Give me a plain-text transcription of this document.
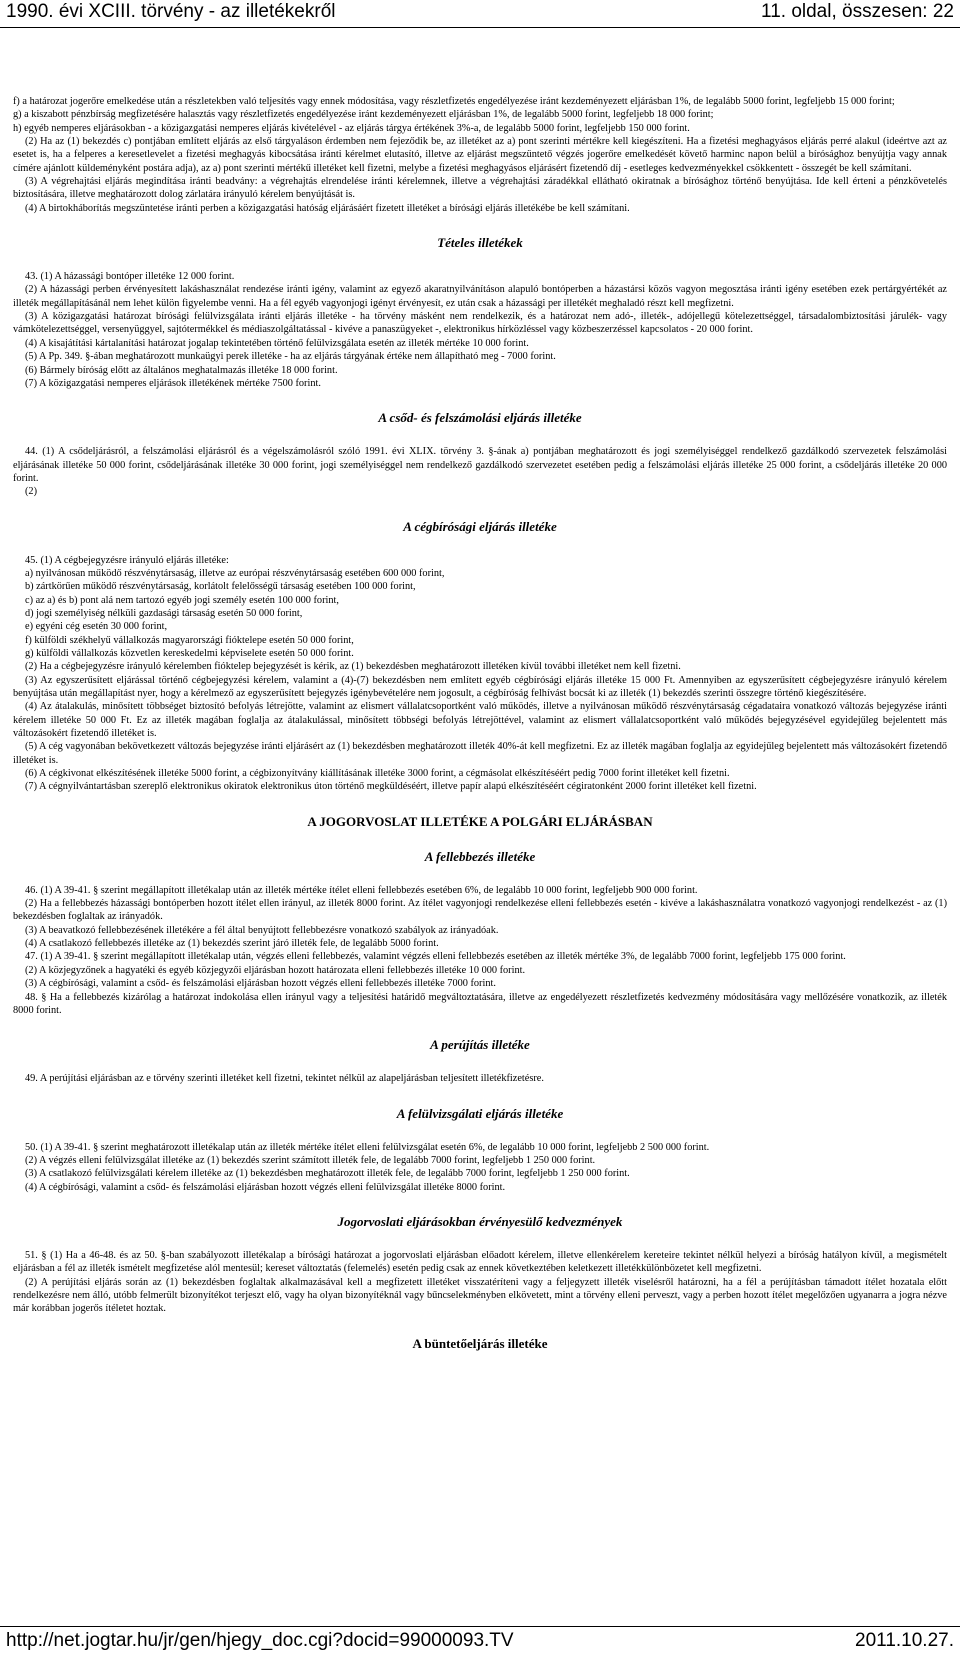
1990. évi XCIII. törvény - az illetékekről	11. oldal, összesen: 22

f) a határozat jogerőre emelkedése után a részletekben való teljesítés vagy ennek módosítása, vagy részletfizetés engedélyezése iránt kezdeményezett eljárásban 1%, de legalább 5000 forint, legfeljebb 15 000 forint;

g) a kiszabott pénzbírság megfizetésére halasztás vagy részletfizetés engedélyezése iránt kezdeményezett eljárásban 1%, de legalább 5000 forint, legfeljebb 18 000 forint;

h) egyéb nemperes eljárásokban - a közigazgatási nemperes eljárás kivételével - az eljárás tárgya értékének 3%-a, de legalább 5000 forint, legfeljebb 150 000 forint.

(2) Ha az (1) bekezdés c) pontjában említett eljárás az első tárgyaláson érdemben nem fejeződik be, az illetéket az a) pont szerinti mértékre kell kiegészíteni. Ha a fizetési meghagyásos eljárás perré alakul (ideértve azt az esetet is, ha a felperes a keresetlevelet a fizetési meghagyás kibocsátása iránti kérelmet elutasító, illetve az eljárást megszüntető végzés jogerőre emelkedését követő harminc napon belül a bírósághoz benyújtja vagy annak címére ajánlott küldeményként postára adja), az a) pont szerinti mértékű illetéket kell fizetni, melybe a fizetési meghagyásos eljárásért fizetendő díj - esetleges kedvezményekkel csökkentett - összegét be kell számítani.

(3) A végrehajtási eljárás megindítása iránti beadvány: a végrehajtás elrendelése iránti kérelemnek, illetve a végrehajtási záradékkal ellátható okiratnak a bírósághoz történő benyújtása. Ide kell érteni a pénzkövetelés biztosítására, illetve meghatározott dolog zárlatára irányuló kérelem benyújtását is.

(4) A birtokháborítás megszüntetése iránti perben a közigazgatási hatóság eljárásáért fizetett illetéket a bírósági eljárás illetékébe be kell számítani.

Tételes illetékek

43. (1) A házassági bontóper illetéke 12 000 forint.

(2) A házassági perben érvényesített lakáshasználat rendezése iránti igény, valamint az egyező akaratnyilvánításon alapuló bontóperben a házastársi közös vagyon megosztása iránti igény esetében ezek pertárgyértékét az illeték megállapításánál nem lehet külön figyelembe venni. Ha a fél egyéb vagyonjogi igényt érvényesít, ez után csak a házassági per illetékét meghaladó részt kell megfizetni.

(3) A közigazgatási határozat bírósági felülvizsgálata iránti eljárás illetéke - ha törvény másként nem rendelkezik, és a határozat nem adó-, illeték-, adójellegű kötelezettséggel, társadalombiztosítási járulék- vagy vámkötelezettséggel, versenyüggyel, sajtótermékkel és médiaszolgáltatással - kivéve a panaszügyeket -, elektronikus hírközléssel vagy közbeszerzéssel kapcsolatos - 20 000 forint.

(4) A kisajátítási kártalanítási határozat jogalap tekintetében történő felülvizsgálata esetén az illeték mértéke 10 000 forint.

(5) A Pp. 349. §-ában meghatározott munkaügyi perek illetéke - ha az eljárás tárgyának értéke nem állapítható meg - 7000 forint.

(6) Bármely bíróság előtt az általános meghatalmazás illetéke 18 000 forint.

(7) A közigazgatási nemperes eljárások illetékének mértéke 7500 forint.

A csőd- és felszámolási eljárás illetéke

44. (1) A csődeljárásról, a felszámolási eljárásról és a végelszámolásról szóló 1991. évi XLIX. törvény 3. §-ának a) pontjában meghatározott és jogi személyiséggel rendelkező gazdálkodó szervezetek felszámolási eljárásának illetéke 50 000 forint, csődeljárásának illetéke 30 000 forint, jogi személyiséggel nem rendelkező gazdálkodó szervezetet esetében pedig a felszámolási eljárás illetéke 25 000 forint, a csődeljárás illetéke 20 000 forint.

(2)

A cégbírósági eljárás illetéke

45. (1) A cégbejegyzésre irányuló eljárás illetéke:

a) nyilvánosan működő részvénytársaság, illetve az európai részvénytársaság esetében 600 000 forint,

b) zártkörűen működő részvénytársaság, korlátolt felelősségű társaság esetében 100 000 forint,

c) az a) és b) pont alá nem tartozó egyéb jogi személy esetén 100 000 forint,

d) jogi személyiség nélküli gazdasági társaság esetén 50 000 forint,

e) egyéni cég esetén 30 000 forint,

f) külföldi székhelyű vállalkozás magyarországi fióktelepe esetén 50 000 forint,

g) külföldi vállalkozás közvetlen kereskedelmi képviselete esetén 50 000 forint.

(2) Ha a cégbejegyzésre irányuló kérelemben fióktelep bejegyzését is kérik, az (1) bekezdésben meghatározott illetéken kívül további illetéket nem kell fizetni.

(3) Az egyszerűsített eljárással történő cégbejegyzési kérelem, valamint a (4)-(7) bekezdésben nem említett egyéb cégbírósági eljárás illetéke 15 000 Ft. Amennyiben az egyszerűsített cégbejegyzésre irányuló kérelem benyújtása után megállapítást nyer, hogy a kérelmező az egyszerűsített bejegyzés igénybevételére nem jogosult, a cégbíróság felhívást bocsát ki az illeték (1) bekezdés szerinti összegre történő kiegészítésére.

(4) Az átalakulás, minősített többséget biztosító befolyás létrejötte, valamint az elismert vállalatcsoportként való működés, illetve a nyilvánosan működő részvénytársaság cégadataira vonatkozó változás bejegyzése iránti kérelem illetéke 50 000 Ft. Ez az illeték magában foglalja az átalakulással, minősített többségi befolyás létrejöttével, valamint az elismert vállalatcsoportként való működés bejegyzésével egyidejűleg bejelentett más változásokért fizetendő illetéket is.

(5) A cég vagyonában bekövetkezett változás bejegyzése iránti eljárásért az (1) bekezdésben meghatározott illeték 40%-át kell megfizetni. Ez az illeték magában foglalja az egyidejűleg bejelentett más változásokért fizetendő illetéket is.

(6) A cégkivonat elkészítésének illetéke 5000 forint, a cégbizonyítvány kiállításának illetéke 3000 forint, a cégmásolat elkészítéséért pedig 7000 forint illetéket kell fizetni.

(7) A cégnyilvántartásban szereplő elektronikus okiratok elektronikus úton történő megküldéséért, illetve papír alapú elkészítéséért cégiratonként 2000 forint illetéket kell fizetni.

A JOGORVOSLAT ILLETÉKE A POLGÁRI ELJÁRÁSBAN
A fellebbezés illetéke

46. (1) A 39-41. § szerint megállapított illetékalap után az illeték mértéke ítélet elleni fellebbezés esetében 6%, de legalább 10 000 forint, legfeljebb 900 000 forint.

(2) Ha a fellebbezés házassági bontóperben hozott ítélet ellen irányul, az illeték 8000 forint. Az ítélet vagyonjogi rendelkezése elleni fellebbezés esetén - kivéve a lakáshasználatra vonatkozó vagyonjogi rendelkezést - az (1) bekezdésben foglaltak az irányadók.

(3) A beavatkozó fellebbezésének illetékére a fél által benyújtott fellebbezésre vonatkozó szabályok az irányadóak.

(4) A csatlakozó fellebbezés illetéke az (1) bekezdés szerint járó illeték fele, de legalább 5000 forint.

47. (1) A 39-41. § szerint megállapított illetékalap után, végzés elleni fellebbezés, valamint végzés elleni fellebbezés esetében az illeték mértéke 3%, de legalább 7000 forint, legfeljebb 175 000 forint.

(2) A közjegyzőnek a hagyatéki és egyéb közjegyzői eljárásban hozott határozata elleni fellebbezés illetéke 10 000 forint.

(3) A cégbírósági, valamint a csőd- és felszámolási eljárásban hozott végzés elleni fellebbezés illetéke 7000 forint.

48. § Ha a fellebbezés kizárólag a határozat indokolása ellen irányul vagy a teljesítési határidő megváltoztatására, illetve az engedélyezett részletfizetés kedvezmény módosítására vagy mellőzésére vonatkozik, az illeték 8000 forint.

A perújítás illetéke

49. A perújítási eljárásban az e törvény szerinti illetéket kell fizetni, tekintet nélkül az alapeljárásban teljesített illetékfizetésre.

A felülvizsgálati eljárás illetéke

50. (1) A 39-41. § szerint meghatározott illetékalap után az illeték mértéke ítélet elleni felülvizsgálat esetén 6%, de legalább 10 000 forint, legfeljebb 2 500 000 forint.

(2) A végzés elleni felülvizsgálat illetéke az (1) bekezdés szerint számított illeték fele, de legalább 7000 forint, legfeljebb 1 250 000 forint.

(3) A csatlakozó felülvizsgálati kérelem illetéke az (1) bekezdésben meghatározott illeték fele, de legalább 7000 forint, legfeljebb 1 250 000 forint.

(4) A cégbírósági, valamint a csőd- és felszámolási eljárásban hozott végzés elleni felülvizsgálat illetéke 8000 forint.

Jogorvoslati eljárásokban érvényesülő kedvezmények

51. § (1) Ha a 46-48. és az 50. §-ban szabályozott illetékalap a bírósági határozat a jogorvoslati eljárásban előadott kérelem, illetve ellenkérelem kereteire tekintet nélkül helyezi a bíróság hatályon kívül, a megismételt eljárásban a fél az illeték ismételt megfizetése alól mentesül; kereset változtatás (felemelés) esetén pedig csak az ennek következtében keletkezett illetékkülönbözetet kell megfizetni.

(2) A perújítási eljárás során az (1) bekezdésben foglaltak alkalmazásával kell a megfizetett illetéket visszatéríteni vagy a feljegyzett illeték viselésről határozni, ha a fél a perújításban támadott ítélet hozatala előtt rendelkezésre nem álló, utóbb felmerült bizonyítékot terjeszt elő, vagy ha olyan bizonyítéknál vagy bűncselekményben elkövetett, mint a törvény elleni perveszt, vagy a perben hozott ítélet megelőzően ugyanarra a jogra nézve már korábban jogerős ítéletet hoztak.

A büntetőeljárás illetéke
http://net.jogtar.hu/jr/gen/hjegy_doc.cgi?docid=99000093.TV	2011.10.27.
